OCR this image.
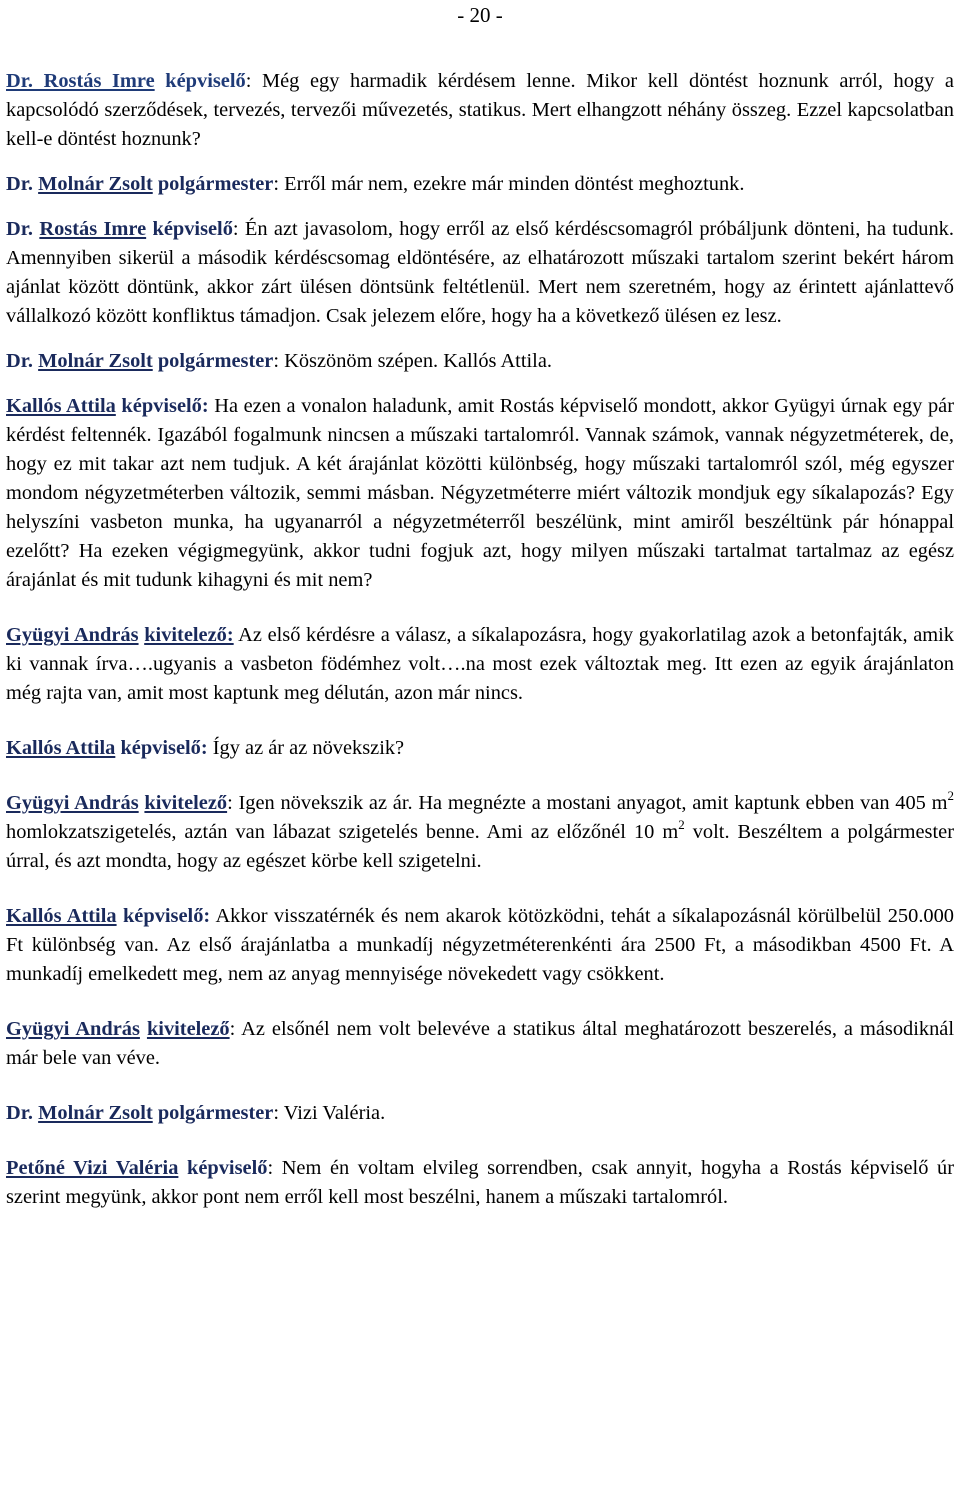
- 20 -

Dr. Rostás Imre képviselő: Még egy harmadik kérdésem lenne. Mikor kell döntést hoznunk arról, hogy a kapcsolódó szerződések, tervezés, tervezői művezetés, statikus. Mert elhangzott néhány összeg. Ezzel kapcsolatban kell-e döntést hoznunk?

Dr. Molnár Zsolt polgármester: Erről már nem, ezekre már minden döntést meghoztunk.

Dr. Rostás Imre képviselő: Én azt javasolom, hogy erről az első kérdéscsomagról próbáljunk dönteni, ha tudunk. Amennyiben sikerül a második kérdéscsomag eldöntésére, az elhatározott műszaki tartalom szerint bekért három ajánlat között döntünk, akkor zárt ülésen döntsünk feltétlenül. Mert nem szeretném, hogy az érintett ajánlattevő vállalkozó között konfliktus támadjon. Csak jelezem előre, hogy ha a következő ülésen ez lesz.

Dr. Molnár Zsolt polgármester: Köszönöm szépen. Kallós Attila.

Kallós Attila képviselő: Ha ezen a vonalon haladunk, amit Rostás képviselő mondott, akkor Gyügyi úrnak egy pár kérdést feltennék. Igazából fogalmunk nincsen a műszaki tartalomról. Vannak számok, vannak négyzetméterek, de, hogy ez mit takar azt nem tudjuk. A két árajánlat közötti különbség, hogy műszaki tartalomról szól, még egyszer mondom négyzetméterben változik, semmi másban. Négyzetméterre miért változik mondjuk egy síkalapozás? Egy helyszíni vasbeton munka, ha ugyanarról a négyzetméterről beszélünk, mint amiről beszéltünk pár hónappal ezelőtt? Ha ezeken végigmegyünk, akkor tudni fogjuk azt, hogy milyen műszaki tartalmat tartalmaz az egész árajánlat és mit tudunk kihagyni és mit nem?

Gyügyi András kivitelező: Az első kérdésre a válasz, a síkalapozásra, hogy gyakorlatilag azok a betonfajták, amik ki vannak írva….ugyanis a vasbeton födémhez volt….na most ezek változtak meg. Itt ezen az egyik árajánlaton még rajta van, amit most kaptunk meg délután, azon már nincs.

Kallós Attila képviselő: Így az ár az növekszik?

Gyügyi András kivitelező: Igen növekszik az ár. Ha megnézte a mostani anyagot, amit kaptunk ebben van 405 $m^2$ homlokzatszigetelés, aztán van lábazat szigetelés benne. Ami az előzőnél 10 $m^2$ volt. Beszéltem a polgármester úrral, és azt mondta, hogy az egészet körbe kell szigetelni.

Kallós Attila képviselő: Akkor visszatérnék és nem akarok kötözködni, tehát a síkalapozásnál körülbelül 250.000 Ft különbség van. Az első árajánlatba a munkadíj négyzetméterenkénti ára 2500 Ft, a másodikban 4500 Ft. A munkadíj emelkedett meg, nem az anyag mennyisége növekedett vagy csökkent.

Gyügyi András kivitelező: Az elsőnél nem volt belevéve a statikus által meghatározott beszerelés, a másodiknál már bele van véve.

Dr. Molnár Zsolt polgármester: Vizi Valéria.

Petőné Vizi Valéria képviselő: Nem én voltam elvileg sorrendben, csak annyit, hogyha a Rostás képviselő úr szerint megyünk, akkor pont nem erről kell most beszélni, hanem a műszaki tartalomról.
